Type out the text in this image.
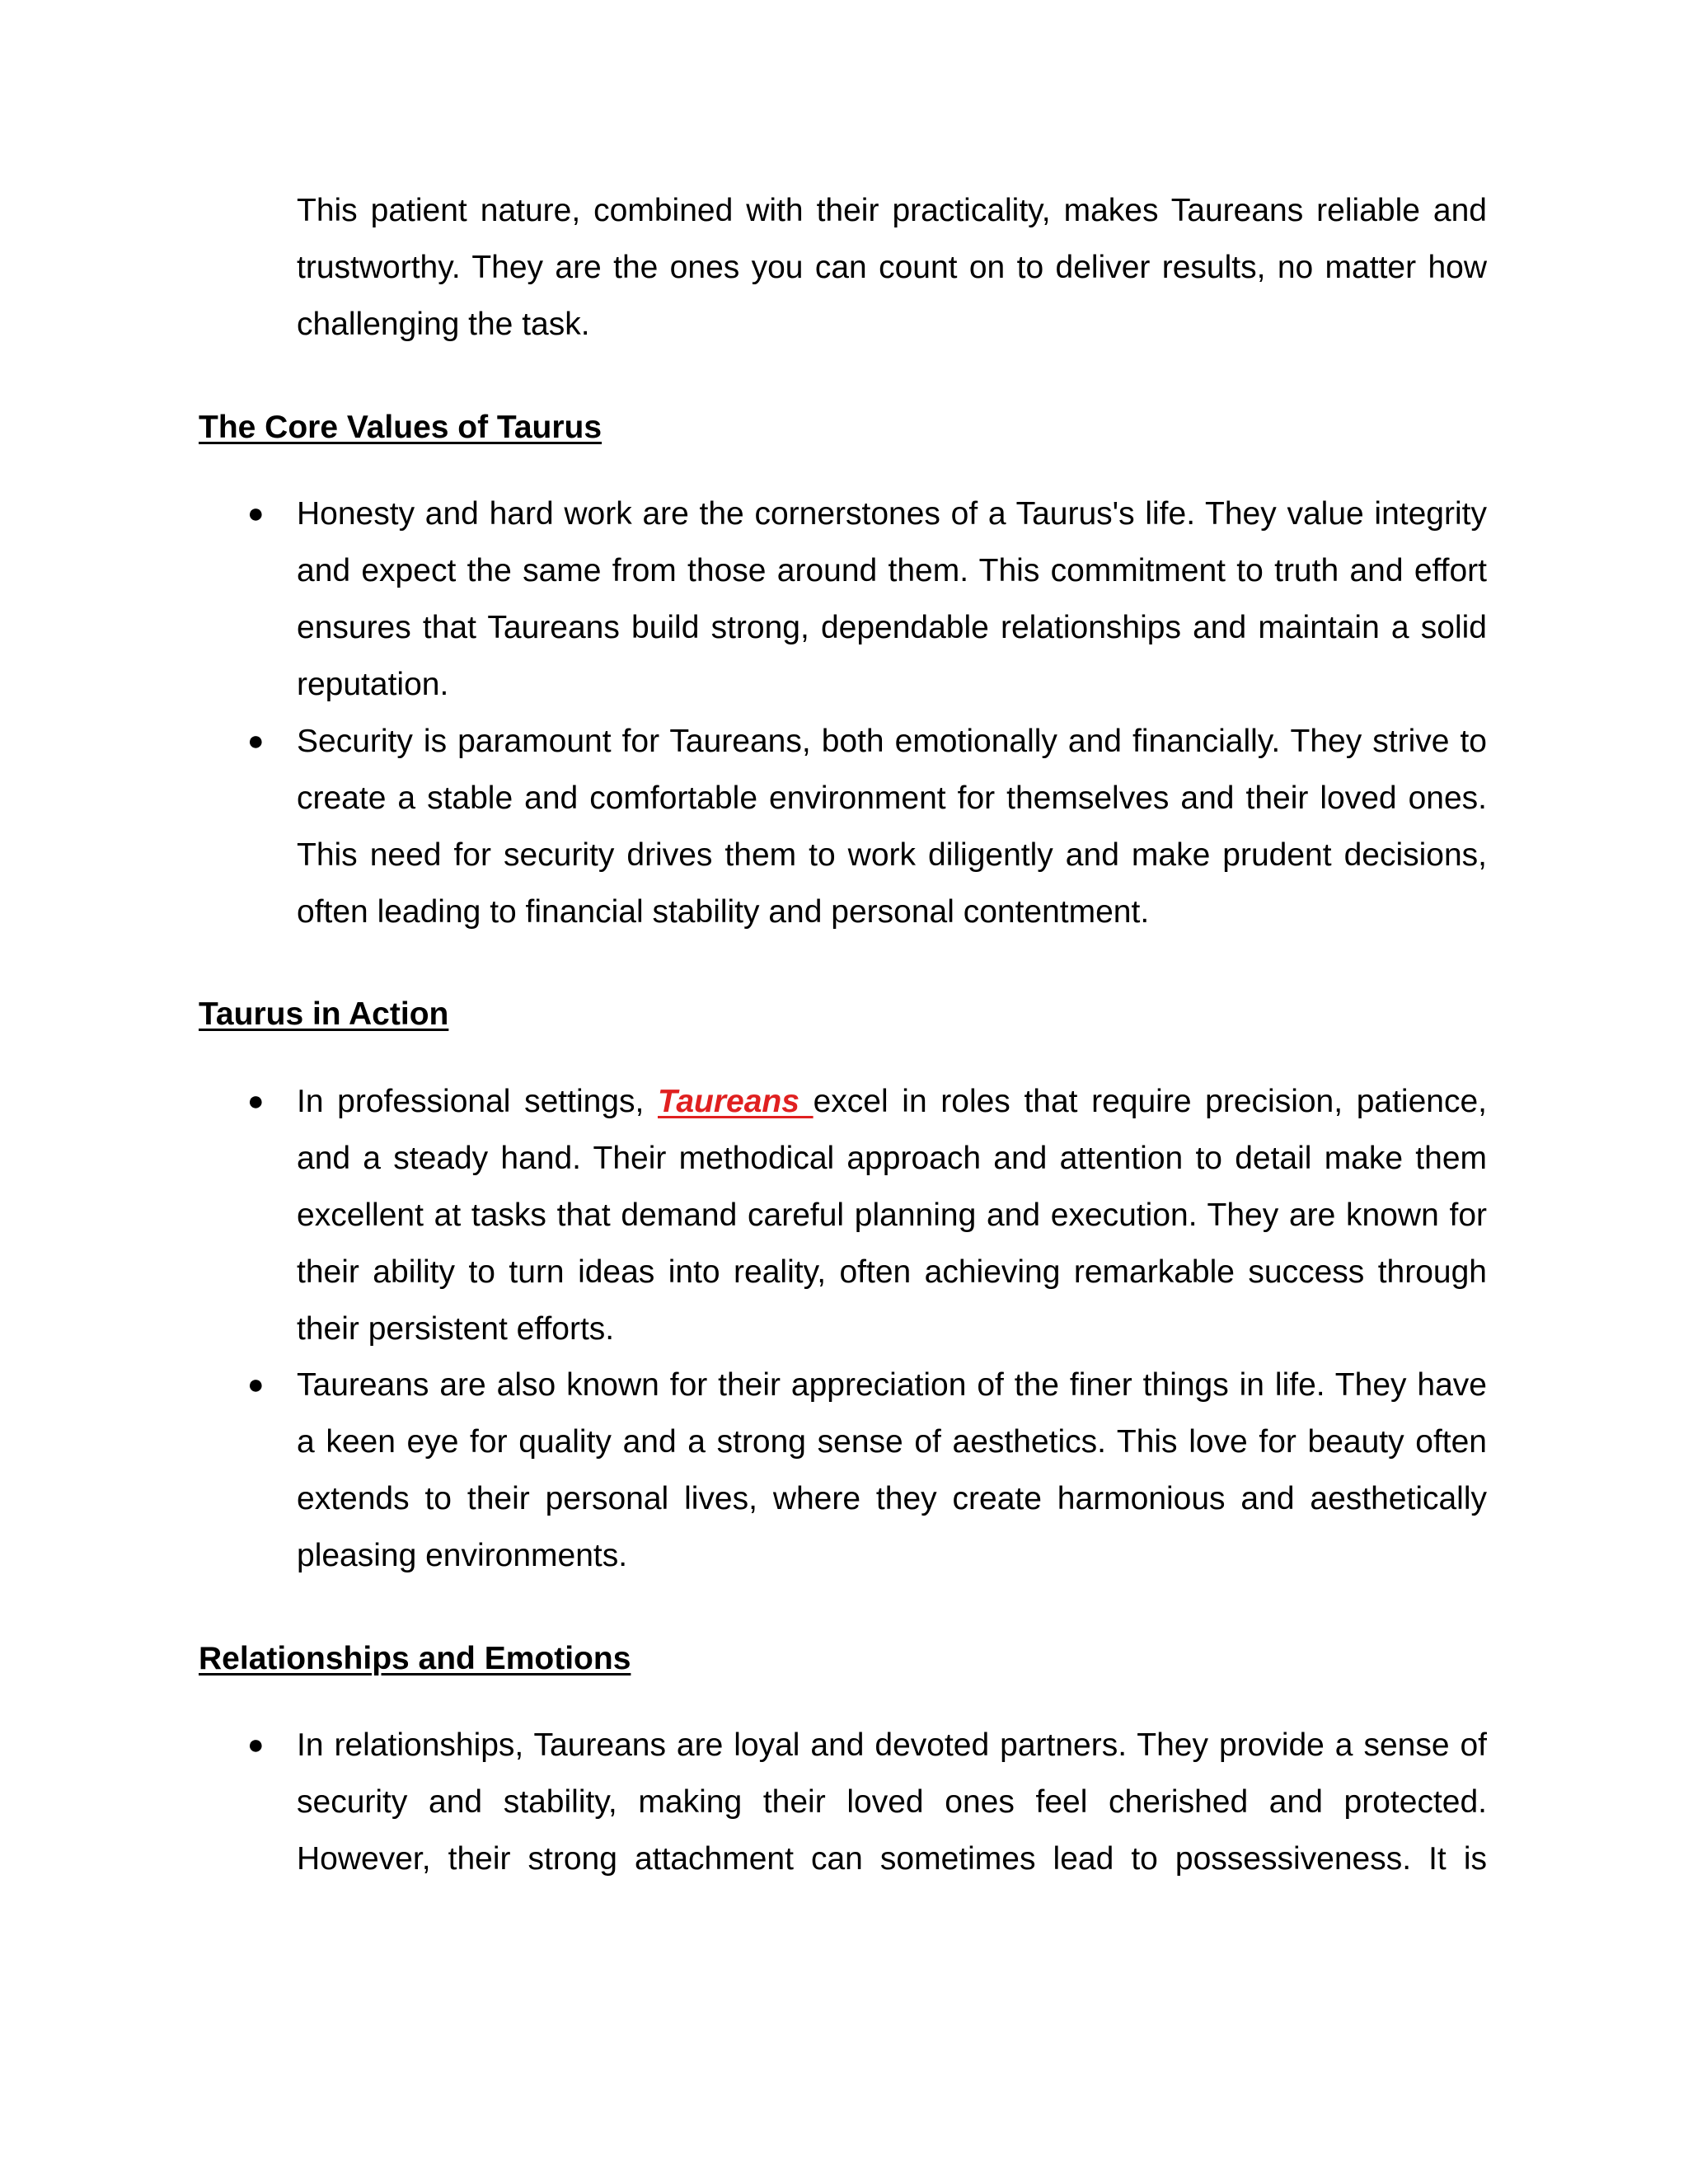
This patient nature, combined with their practicality, makes Taureans reliable and trustworthy. They are the ones you can count on to deliver results, no matter how challenging the task.

The Core Values of Taurus
● Honesty and hard work are the cornerstones of a Taurus's life. They value integrity and expect the same from those around them. This commitment to truth and effort ensures that Taureans build strong, dependable relationships and maintain a solid reputation.

● Security is paramount for Taureans, both emotionally and financially. They strive to create a stable and comfortable environment for themselves and their loved ones. This need for security drives them to work diligently and make prudent decisions, often leading to financial stability and personal contentment.

Taurus in Action
● In professional settings, Taureans excel in roles that require precision, patience, and a steady hand. Their methodical approach and attention to detail make them excellent at tasks that demand careful planning and execution. They are known for their ability to turn ideas into reality, often achieving remarkable success through their persistent efforts.

● Taureans are also known for their appreciation of the finer things in life. They have a keen eye for quality and a strong sense of aesthetics. This love for beauty often extends to their personal lives, where they create harmonious and aesthetically pleasing environments.

Relationships and Emotions
● In relationships, Taureans are loyal and devoted partners. They provide a sense of security and stability, making their loved ones feel cherished and protected. However, their strong attachment can sometimes lead to possessiveness. It is
